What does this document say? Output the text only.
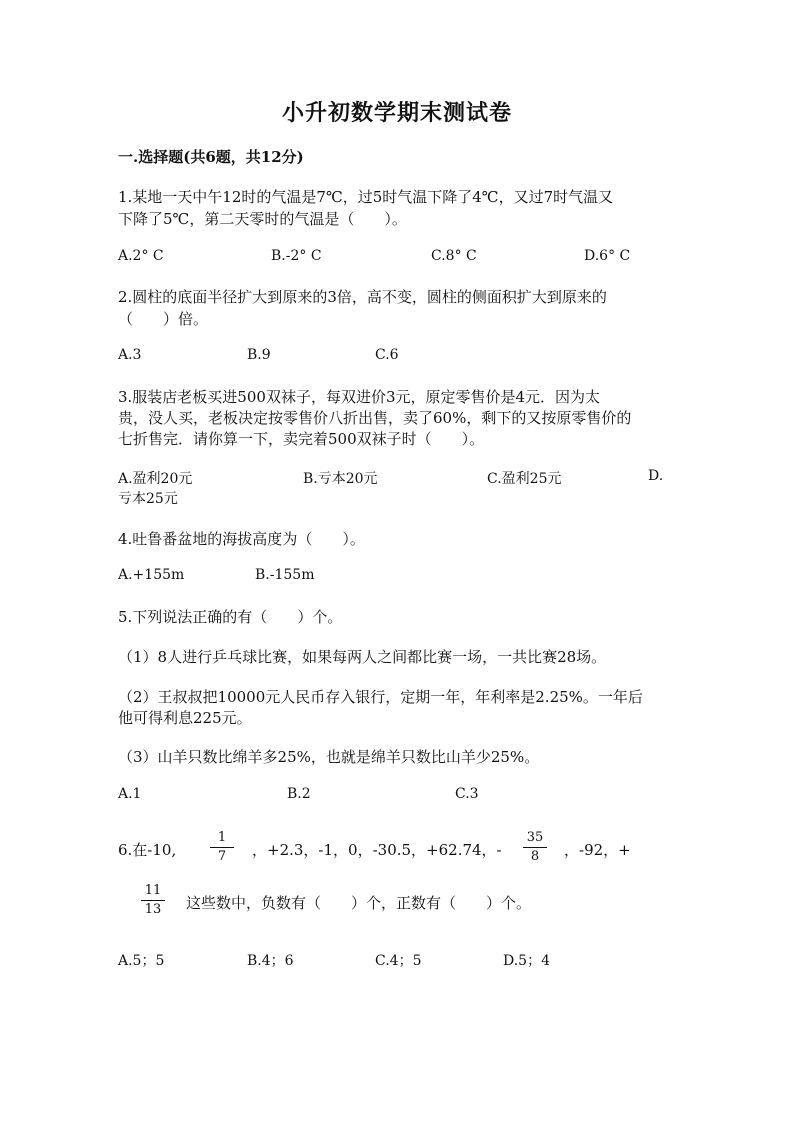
小升初数学期末测试卷
一.选择题(共6题，共12分)
1.某地一天中午12时的气温是7℃，过5时气温下降了4℃，又过7时气温又
下降了5℃，第二天零时的气温是（　　）。
A.2° C	B.-2° C	C.8° C	D.6° C
2.圆柱的底面半径扩大到原来的3倍，高不变，圆柱的侧面积扩大到原来的
（　　）倍。
A.3	B.9	C.6
3.服装店老板买进500双袜子，每双进价3元，原定零售价是4元．因为太
贵，没人买，老板决定按零售价八折出售，卖了60%，剩下的又按原零售价的
七折售完．请你算一下，卖完着500双袜子时（　　）。
A.盈利20元	B.亏本20元	C.盈利25元	D.
亏本25元
4.吐鲁番盆地的海拔高度为（　　）。
A.+155m	B.-155m
5.下列说法正确的有（　　）个。
（1）8人进行乒乓球比赛，如果每两人之间都比赛一场，一共比赛28场。
（2）王叔叔把10000元人民币存入银行，定期一年，年利率是2.25%。一年后
他可得利息225元。
（3）山羊只数比绵羊多25%，也就是绵羊只数比山羊少25%。
A.1	B.2	C.3
6.在-10,
1
7	，+2.3，-1，0，-30.5，+62.74，-
35
8	，-92，+
11
13	这些数中，负数有（　　）个，正数有（　　）个。
A.5；5	B.4；6	C.4；5	D.5；4
